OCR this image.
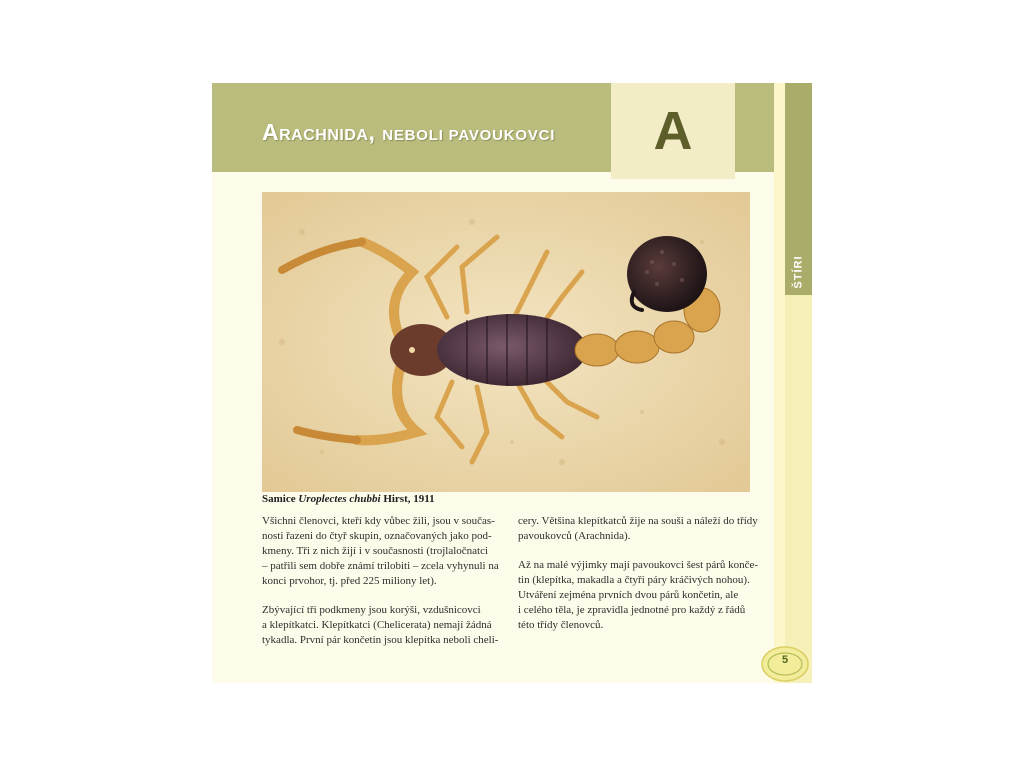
ŠTÍRI
Arachnida, NEBOLI PAVOUKOVCI A
Samice Uroplectes chubbi Hirst, 1911

Všichni členovci, kteří kdy vůbec žili, jsou v součas-

nosti řazeni do čtyř skupin, označovaných jako pod-

kmeny. Tři z nich žijí i v současnosti (trojlaločnatci

– patřili sem dobře známí trilobiti – zcela vyhynuli na

konci prvohor, tj. před 225 miliony let).

Zbývající tři podkmeny jsou korýši, vzdušnicovci

a klepítkatci. Klepítkatci (Chelicerata) nemají žádná

tykadla. První pár končetin jsou klepítka neboli cheli-

cery. Většina klepítkatců žije na souši a náleží do třídy

pavoukovců (Arachnida).

Až na malé výjimky mají pavoukovci šest párů konče-

tin (klepítka, makadla a čtyři páry kráčivých nohou).

Utváření zejména prvních dvou párů končetin, ale

i celého těla, je zpravidla jednotné pro každý z řádů

této třídy členovců.

5
